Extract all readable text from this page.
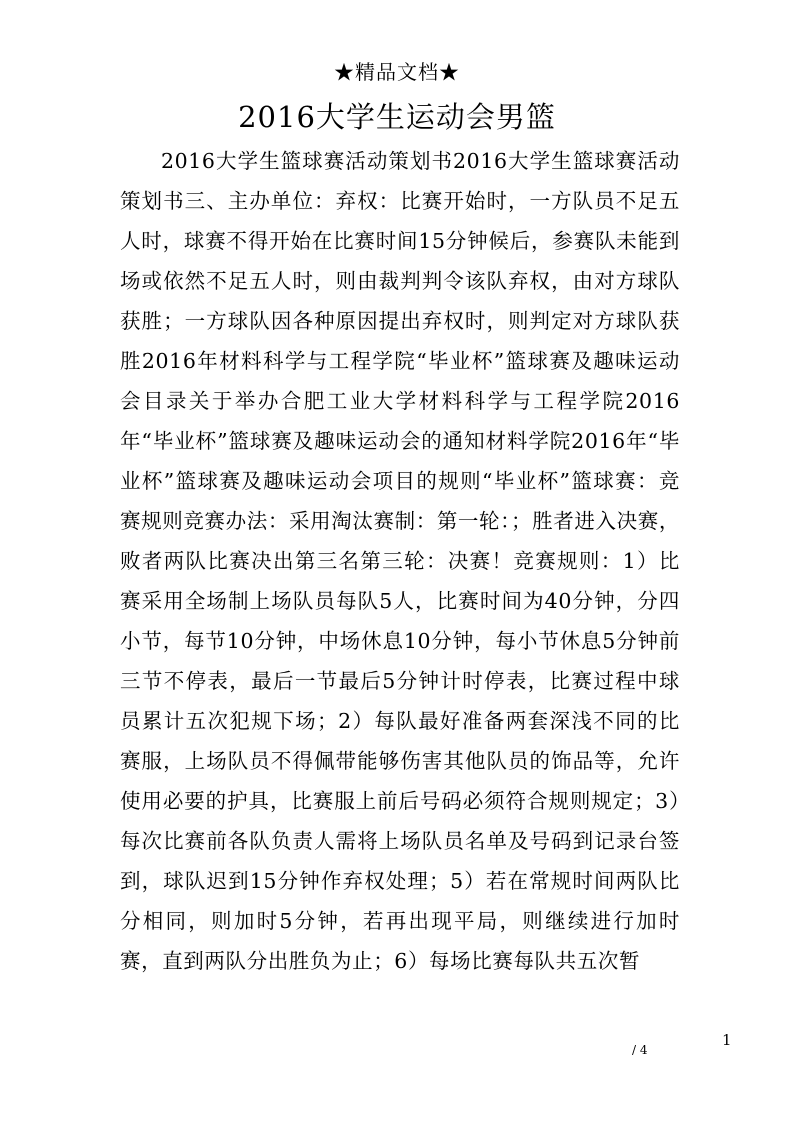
★精品文档★
2016大学生运动会男篮

2016大学生篮球赛活动策划书2016大学生篮球赛活动策划书三、主办单位：弃权：比赛开始时，一方队员不足五人时，球赛不得开始在比赛时间15分钟候后，参赛队未能到场或依然不足五人时，则由裁判判令该队弃权，由对方球队获胜；一方球队因各种原因提出弃权时，则判定对方球队获胜2016年材料科学与工程学院“毕业杯”篮球赛及趣味运动会目录关于举办合肥工业大学材料科学与工程学院2016年“毕业杯”篮球赛及趣味运动会的通知材料学院2016年“毕业杯”篮球赛及趣味运动会项目的规则“毕业杯”篮球赛：竞赛规则竞赛办法：采用淘汰赛制：第一轮：；胜者进入决赛，败者两队比赛决出第三名第三轮：决赛！竞赛规则：1）比赛采用全场制上场队员每队5人，比赛时间为40分钟，分四小节，每节10分钟，中场休息10分钟，每小节休息5分钟前三节不停表，最后一节最后5分钟计时停表，比赛过程中球员累计五次犯规下场；2）每队最好准备两套深浅不同的比赛服，上场队员不得佩带能够伤害其他队员的饰品等，允许使用必要的护具，比赛服上前后号码必须符合规则规定；3）每次比赛前各队负责人需将上场队员名单及号码到记录台签到，球队迟到15分钟作弃权处理；5）若在常规时间两队比分相同，则加时5分钟，若再出现平局，则继续进行加时赛，直到两队分出胜负为止；6）每场比赛每队共五次暂

1
/ 4
